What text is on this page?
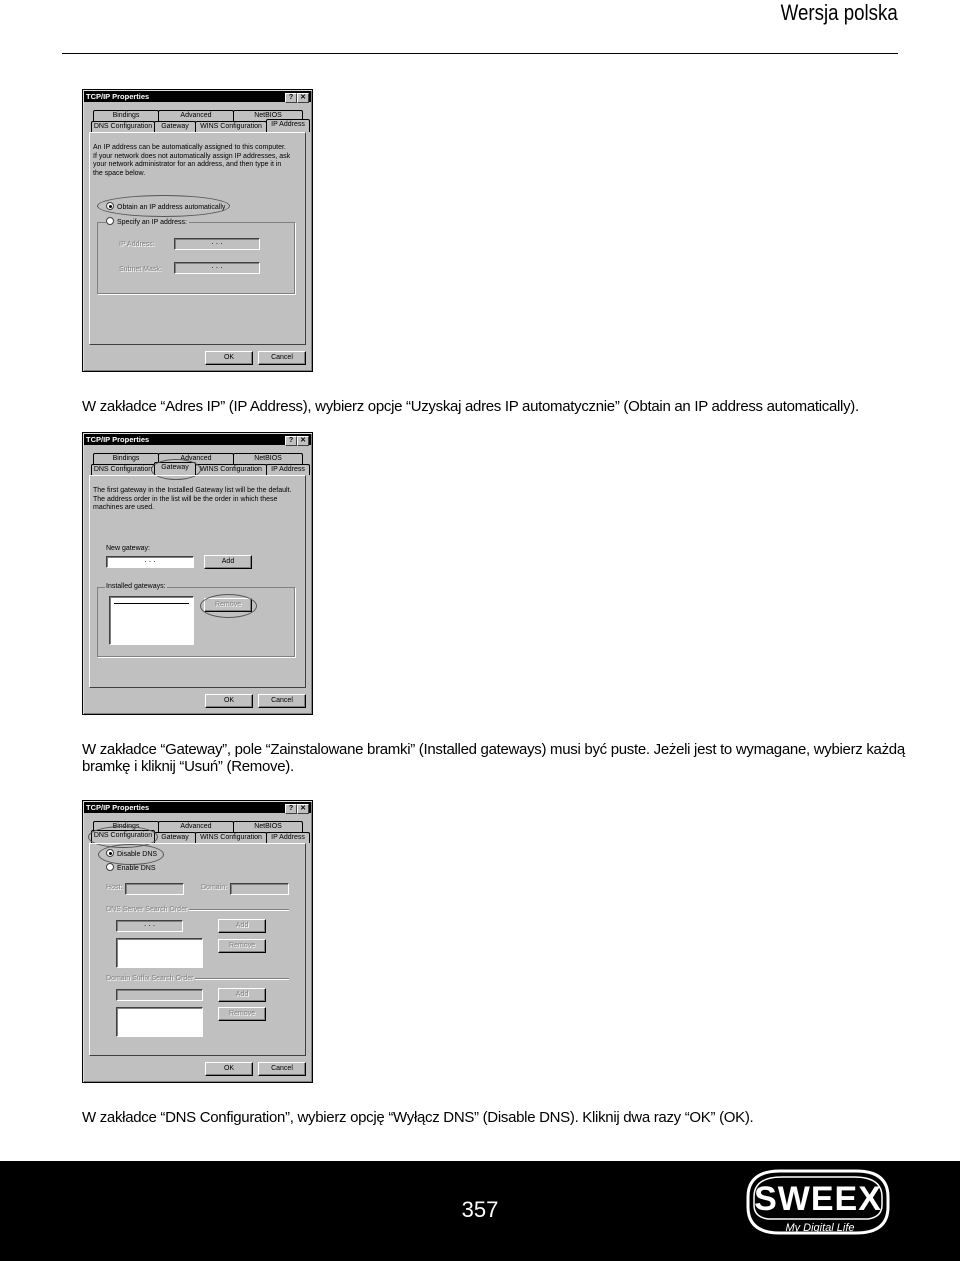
Wersja polska
TCP/IP Properties	? ✕
Bindings	Advanced	NetBIOS
DNS Configuration	Gateway	WINS Configuration	IP Address
An IP address can be automatically assigned to this computer.
If your network does not automatically assign IP addresses, ask
your network administrator for an address, and then type it in
the space below.
Obtain an IP address automatically
Specify an IP address:
IP Address:	. . .
Subnet Mask:	. . .
OK	Cancel
W zakładce “Adres IP” (IP Address), wybierz opcje “Uzyskaj adres IP automatycznie” (Obtain an IP address automatically).
TCP/IP Properties	? ✕
Bindings	Advanced	NetBIOS
DNS Configuration	Gateway	WINS Configuration	IP Address
The first gateway in the Installed Gateway list will be the default.
The address order in the list will be the order in which these
machines are used.
New gateway:
. . .	Add
Installed gateways:
Remove
OK	Cancel
W zakładce “Gateway”, pole “Zainstalowane bramki” (Installed gateways) musi być puste. Jeżeli jest to wymagane, wybierz każdą bramkę i kliknij “Usuń” (Remove).
TCP/IP Properties	? ✕
Bindings	Advanced	NetBIOS
DNS Configuration	Gateway	WINS Configuration	IP Address
Disable DNS
Enable DNS
Host:	Domain:
DNS Server Search Order
. . .	Add
Remove
Domain Suffix Search Order
Add
Remove
OK	Cancel
W zakładce “DNS Configuration”, wybierz opcję “Wyłącz DNS” (Disable DNS). Kliknij dwa razy “OK” (OK).
357	SWEEX
My Digital Life
